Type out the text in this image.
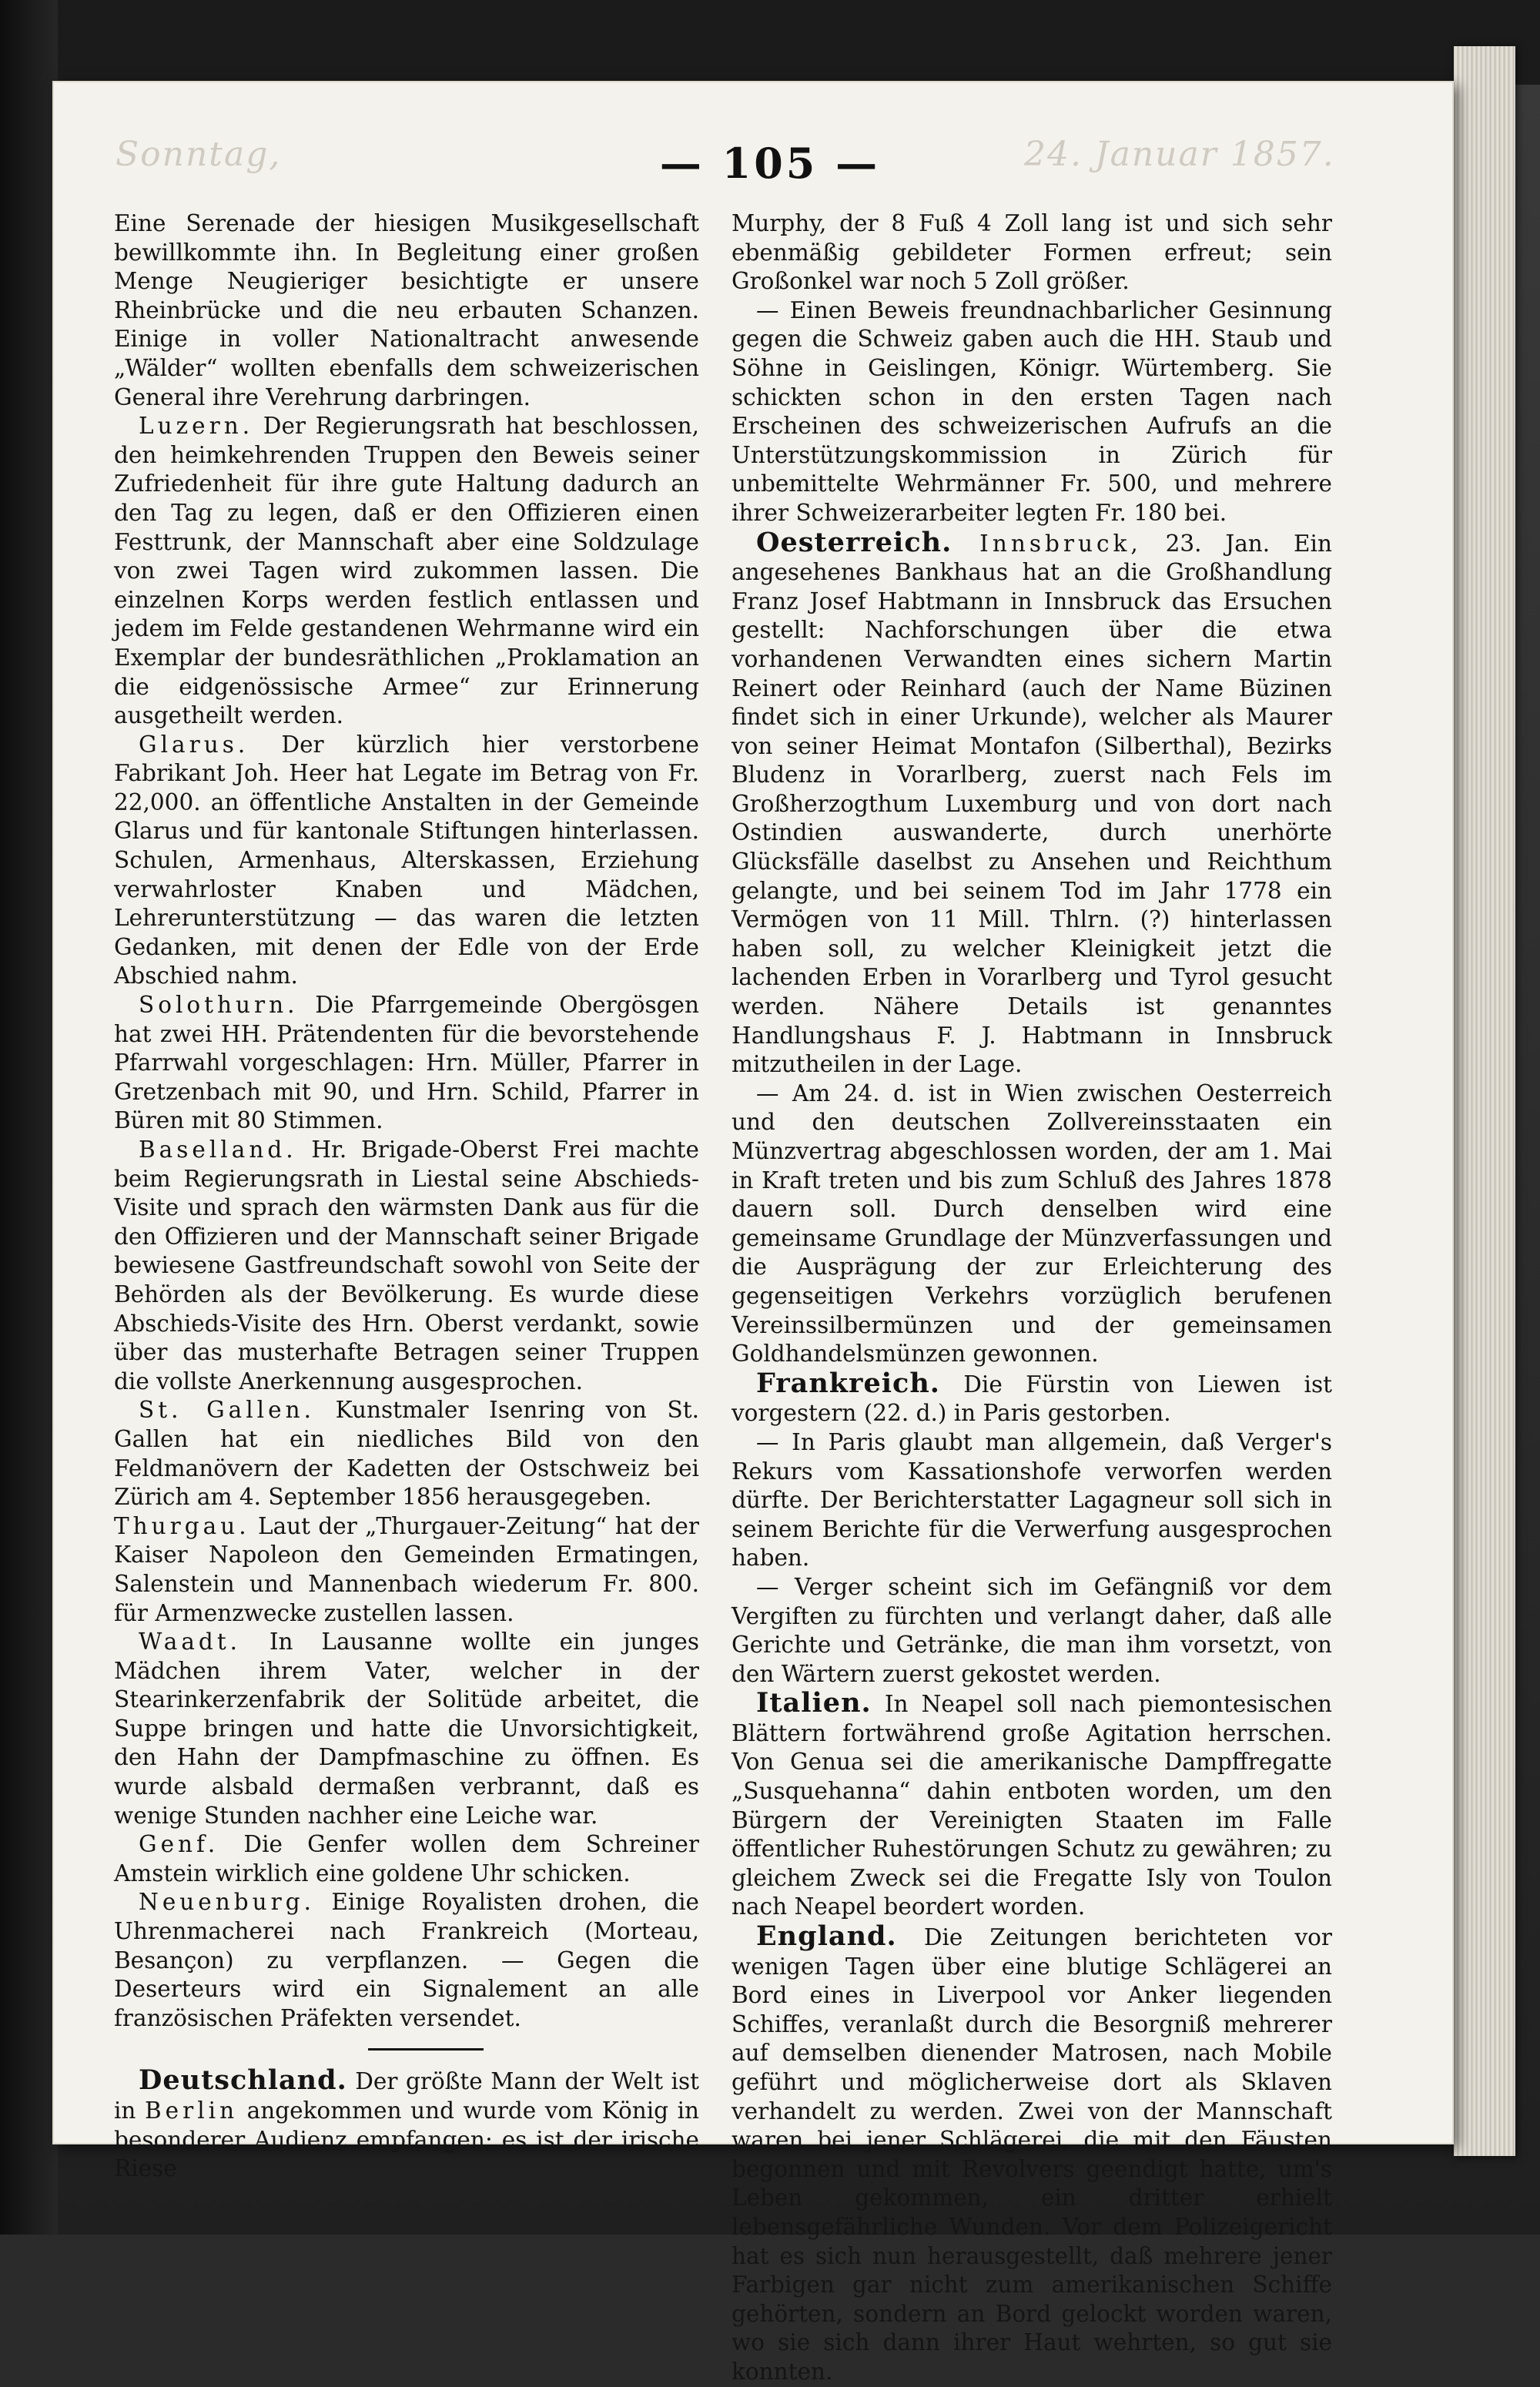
Sonntag,	24. Januar 1857.
— 105 —

Eine Serenade der hiesigen Musikgesellschaft bewillkommte ihn. In Begleitung einer großen Menge Neugieriger besichtigte er unsere Rheinbrücke und die neu erbauten Schanzen. Einige in voller Nationaltracht anwesende „Wälder“ wollten ebenfalls dem schweizerischen General ihre Verehrung darbringen.

Luzern. Der Regierungsrath hat beschlossen, den heimkehrenden Truppen den Beweis seiner Zufriedenheit für ihre gute Haltung dadurch an den Tag zu legen, daß er den Offizieren einen Festtrunk, der Mannschaft aber eine Soldzulage von zwei Tagen wird zukommen lassen. Die einzelnen Korps werden festlich entlassen und jedem im Felde gestandenen Wehrmanne wird ein Exemplar der bundesräthlichen „Proklamation an die eidgenössische Armee“ zur Erinnerung ausgetheilt werden.

Glarus. Der kürzlich hier verstorbene Fabrikant Joh. Heer hat Legate im Betrag von Fr. 22,000. an öffentliche Anstalten in der Gemeinde Glarus und für kantonale Stiftungen hinterlassen. Schulen, Armenhaus, Alterskassen, Erziehung verwahrloster Knaben und Mädchen, Lehrerunterstützung — das waren die letzten Gedanken, mit denen der Edle von der Erde Abschied nahm.

Solothurn. Die Pfarrgemeinde Obergösgen hat zwei HH. Prätendenten für die bevorstehende Pfarrwahl vorgeschlagen: Hrn. Müller, Pfarrer in Gretzenbach mit 90, und Hrn. Schild, Pfarrer in Büren mit 80 Stimmen.

Baselland. Hr. Brigade-Oberst Frei machte beim Regierungsrath in Liestal seine Abschieds-Visite und sprach den wärmsten Dank aus für die den Offizieren und der Mannschaft seiner Brigade bewiesene Gastfreundschaft sowohl von Seite der Behörden als der Bevölkerung. Es wurde diese Abschieds-Visite des Hrn. Oberst verdankt, sowie über das musterhafte Betragen seiner Truppen die vollste Anerkennung ausgesprochen.

St. Gallen. Kunstmaler Isenring von St. Gallen hat ein niedliches Bild von den Feldmanövern der Kadetten der Ostschweiz bei Zürich am 4. September 1856 herausgegeben.

Thurgau. Laut der „Thurgauer-Zeitung“ hat der Kaiser Napoleon den Gemeinden Ermatingen, Salenstein und Mannenbach wiederum Fr. 800. für Armenzwecke zustellen lassen.

Waadt. In Lausanne wollte ein junges Mädchen ihrem Vater, welcher in der Stearinkerzenfabrik der Solitüde arbeitet, die Suppe bringen und hatte die Unvorsichtigkeit, den Hahn der Dampfmaschine zu öffnen. Es wurde alsbald dermaßen verbrannt, daß es wenige Stunden nachher eine Leiche war.

Genf. Die Genfer wollen dem Schreiner Amstein wirklich eine goldene Uhr schicken.

Neuenburg. Einige Royalisten drohen, die Uhrenmacherei nach Frankreich (Morteau, Besançon) zu verpflanzen. — Gegen die Deserteurs wird ein Signalement an alle französischen Präfekten versendet.

Deutschland. Der größte Mann der Welt ist in Berlin angekommen und wurde vom König in besonderer Audienz empfangen; es ist der irische Riese

Murphy, der 8 Fuß 4 Zoll lang ist und sich sehr ebenmäßig gebildeter Formen erfreut; sein Großonkel war noch 5 Zoll größer.

— Einen Beweis freundnachbarlicher Gesinnung gegen die Schweiz gaben auch die HH. Staub und Söhne in Geislingen, Königr. Würtemberg. Sie schickten schon in den ersten Tagen nach Erscheinen des schweizerischen Aufrufs an die Unterstützungskommission in Zürich für unbemittelte Wehrmänner Fr. 500, und mehrere ihrer Schweizerarbeiter legten Fr. 180 bei.

Oesterreich. Innsbruck, 23. Jan. Ein angesehenes Bankhaus hat an die Großhandlung Franz Josef Habtmann in Innsbruck das Ersuchen gestellt: Nachforschungen über die etwa vorhandenen Verwandten eines sichern Martin Reinert oder Reinhard (auch der Name Büzinen findet sich in einer Urkunde), welcher als Maurer von seiner Heimat Montafon (Silberthal), Bezirks Bludenz in Vorarlberg, zuerst nach Fels im Großherzogthum Luxemburg und von dort nach Ostindien auswanderte, durch unerhörte Glücksfälle daselbst zu Ansehen und Reichthum gelangte, und bei seinem Tod im Jahr 1778 ein Vermögen von 11 Mill. Thlrn. (?) hinterlassen haben soll, zu welcher Kleinigkeit jetzt die lachenden Erben in Vorarlberg und Tyrol gesucht werden. Nähere Details ist genanntes Handlungshaus F. J. Habtmann in Innsbruck mitzutheilen in der Lage.

— Am 24. d. ist in Wien zwischen Oesterreich und den deutschen Zollvereinsstaaten ein Münzvertrag abgeschlossen worden, der am 1. Mai in Kraft treten und bis zum Schluß des Jahres 1878 dauern soll. Durch denselben wird eine gemeinsame Grundlage der Münzverfassungen und die Ausprägung der zur Erleichterung des gegenseitigen Verkehrs vorzüglich berufenen Vereinssilbermünzen und der gemeinsamen Goldhandelsmünzen gewonnen.

Frankreich. Die Fürstin von Liewen ist vorgestern (22. d.) in Paris gestorben.

— In Paris glaubt man allgemein, daß Verger's Rekurs vom Kassationshofe verworfen werden dürfte. Der Berichterstatter Lagagneur soll sich in seinem Berichte für die Verwerfung ausgesprochen haben.

— Verger scheint sich im Gefängniß vor dem Vergiften zu fürchten und verlangt daher, daß alle Gerichte und Getränke, die man ihm vorsetzt, von den Wärtern zuerst gekostet werden.

Italien. In Neapel soll nach piemontesischen Blättern fortwährend große Agitation herrschen. Von Genua sei die amerikanische Dampffregatte „Susquehanna“ dahin entboten worden, um den Bürgern der Vereinigten Staaten im Falle öffentlicher Ruhestörungen Schutz zu gewähren; zu gleichem Zweck sei die Fregatte Isly von Toulon nach Neapel beordert worden.

England. Die Zeitungen berichteten vor wenigen Tagen über eine blutige Schlägerei an Bord eines in Liverpool vor Anker liegenden Schiffes, veranlaßt durch die Besorgniß mehrerer auf demselben dienender Matrosen, nach Mobile geführt und möglicherweise dort als Sklaven verhandelt zu werden. Zwei von der Mannschaft waren bei jener Schlägerei, die mit den Fäusten begonnen und mit Revolvers geendigt hatte, um's Leben gekommen, ein dritter erhielt lebensgefährliche Wunden. Vor dem Polizeigericht hat es sich nun herausgestellt, daß mehrere jener Farbigen gar nicht zum amerikanischen Schiffe gehörten, sondern an Bord gelockt worden waren, wo sie sich dann ihrer Haut wehrten, so gut sie konnten.
